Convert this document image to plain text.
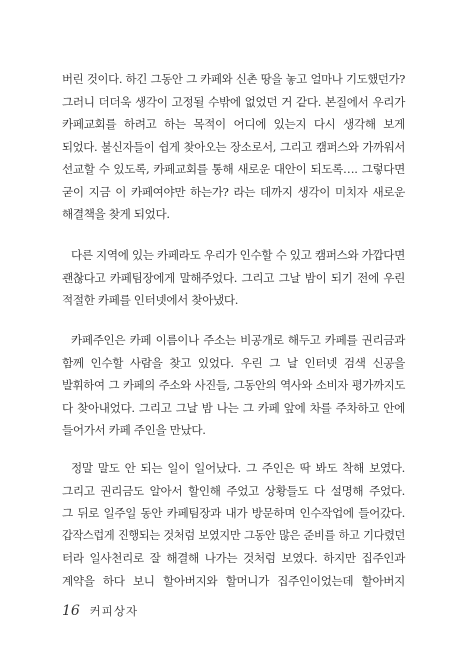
버린 것이다. 하긴 그동안 그 카페와 신촌 땅을 놓고 얼마나 기도했던가?
그러니 더더욱 생각이 고정될 수밖에 없었던 거 같다. 본질에서 우리가
카페교회를 하려고 하는 목적이 어디에 있는지 다시 생각해 보게
되었다. 불신자들이 쉽게 찾아오는 장소로서, 그리고 캠퍼스와 가까워서
선교할 수 있도록, 카페교회를 통해 새로운 대안이 되도록…. 그렇다면
굳이 지금 이 카페여야만 하는가? 라는 데까지 생각이 미치자 새로운
해결책을 찾게 되었다.
다른 지역에 있는 카페라도 우리가 인수할 수 있고 캠퍼스와 가깝다면
괜찮다고 카페팀장에게 말해주었다. 그리고 그날 밤이 되기 전에 우린
적절한 카페를 인터넷에서 찾아냈다.
카페주인은 카페 이름이나 주소는 비공개로 해두고 카페를 권리금과
함께 인수할 사람을 찾고 있었다. 우린 그 날 인터넷 검색 신공을
발휘하여 그 카페의 주소와 사진들, 그동안의 역사와 소비자 평가까지도
다 찾아내었다. 그리고 그날 밤 나는 그 카페 앞에 차를 주차하고 안에
들어가서 카페 주인을 만났다.
정말 말도 안 되는 일이 일어났다. 그 주인은 딱 봐도 착해 보였다.
그리고 권리금도 알아서 할인해 주었고 상황들도 다 설명해 주었다.
그 뒤로 일주일 동안 카페팀장과 내가 방문하며 인수작업에 들어갔다.
갑작스럽게 진행되는 것처럼 보였지만 그동안 많은 준비를 하고 기다렸던
터라 일사천리로 잘 해결해 나가는 것처럼 보였다. 하지만 집주인과
계약을 하다 보니 할아버지와 할머니가 집주인이었는데 할아버지
16 커피상자
